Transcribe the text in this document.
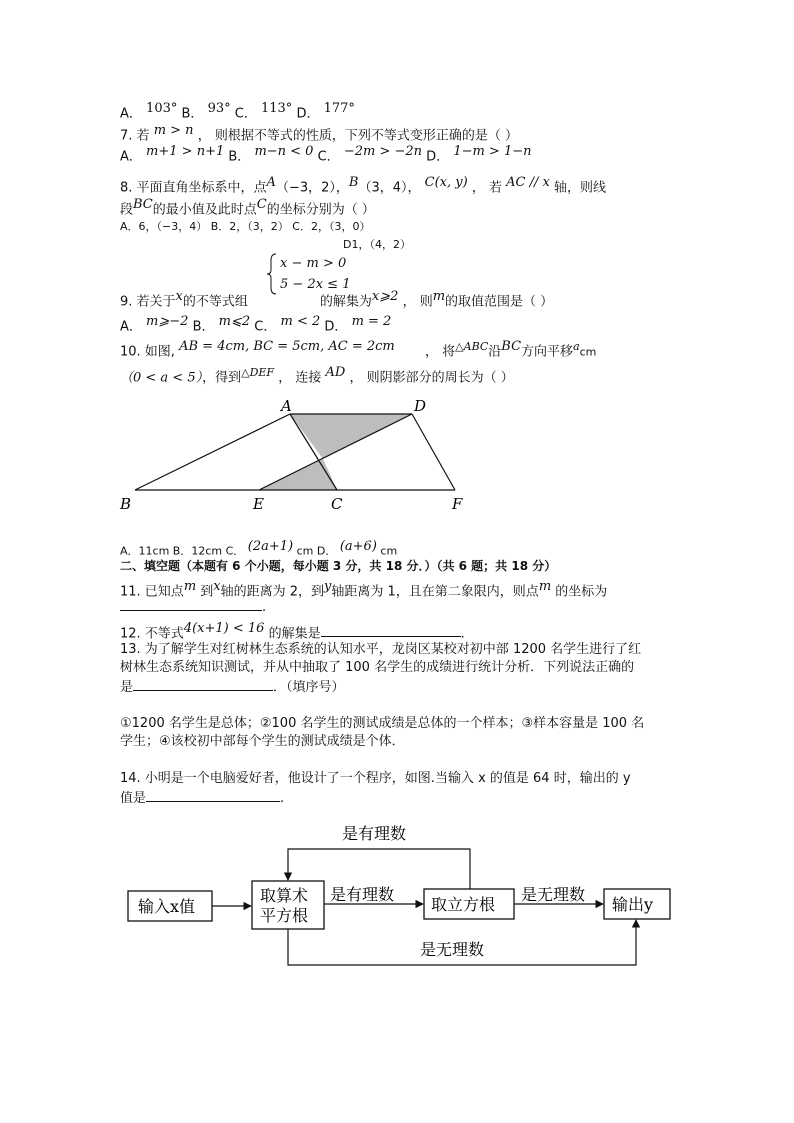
A． $^{103^\circ}$ B． $^{93^\circ}$ C． $^{113^\circ}$ D． $^{177^\circ}$
7. 若 $^{m > n}$ ， 则根据不等式的性质，下列不等式变形正确的是（ ）
A． $^{m+1 > n+1}$ B． $^{m-n < 0}$ C． $^{-2m > -2n}$ D． $^{1-m > 1-n}$
8. 平面直角坐标系中，点$^A$（−3，2），$^B$（3，4）， $^{C(x, y)}$ ， 若 $^{AC // x}$ 轴，则线
段$^{BC}$的最小值及此时点$^C$的坐标分别为（ ）
A．6，（−3，4） B．2，（3，2） C．2，（3，0）
D1，（4，2）
x − m > 0
5 − 2x ≤ 1
9. 若关于$^x$的不等式组	的解集为$^{x⩾2}$ ， 则$^m$的取值范围是（ ）
A． $^{m⩾-2}$ B． $^{m⩽2}$ C． $^{m < 2}$ D． $^{m = 2}$
10. 如图, $^{AB = 4cm, BC = 5cm, AC = 2cm}$ ， 将$^{\triangle ABC}$沿$^{BC}$方向平移$^a$cm
（0 < a < 5），得到$^{\triangle DEF}$ ， 连接 $^{AD}$ ， 则阴影部分的周长为（ ）
A	D
B	E	C	F
A．11cm B．12cm C． $^{(2a+1)}$ cm D． $^{(a+6)}$ cm
二、填空题（本题有 6 个小题，每小题 3 分，共 18 分．）（共 6 题；共 18 分）
11. 已知点$^m$ 到$^x$轴的距离为 2，到$^y$轴距离为 1，且在第二象限内，则点$^m$ 的坐标为
.
12. 不等式$^{4(x+1) < 16}$ 的解集是	.
13. 为了解学生对红树林生态系统的认知水平，龙岗区某校对初中部 1200 名学生进行了红
树林生态系统知识测试，并从中抽取了 100 名学生的成绩进行统计分析．下列说法正确的
是	．（填序号）
①1200 名学生是总体；②100 名学生的测试成绩是总体的一个样本；③样本容量是 100 名
学生；④该校初中部每个学生的测试成绩是个体．
14. 小明是一个电脑爱好者，他设计了一个程序，如图.当输入 x 的值是 64 时，输出的 y
值是	.
输入x值
取算术
平方根
是有理数
取立方根
是无理数
输出y
是有理数
是无理数
